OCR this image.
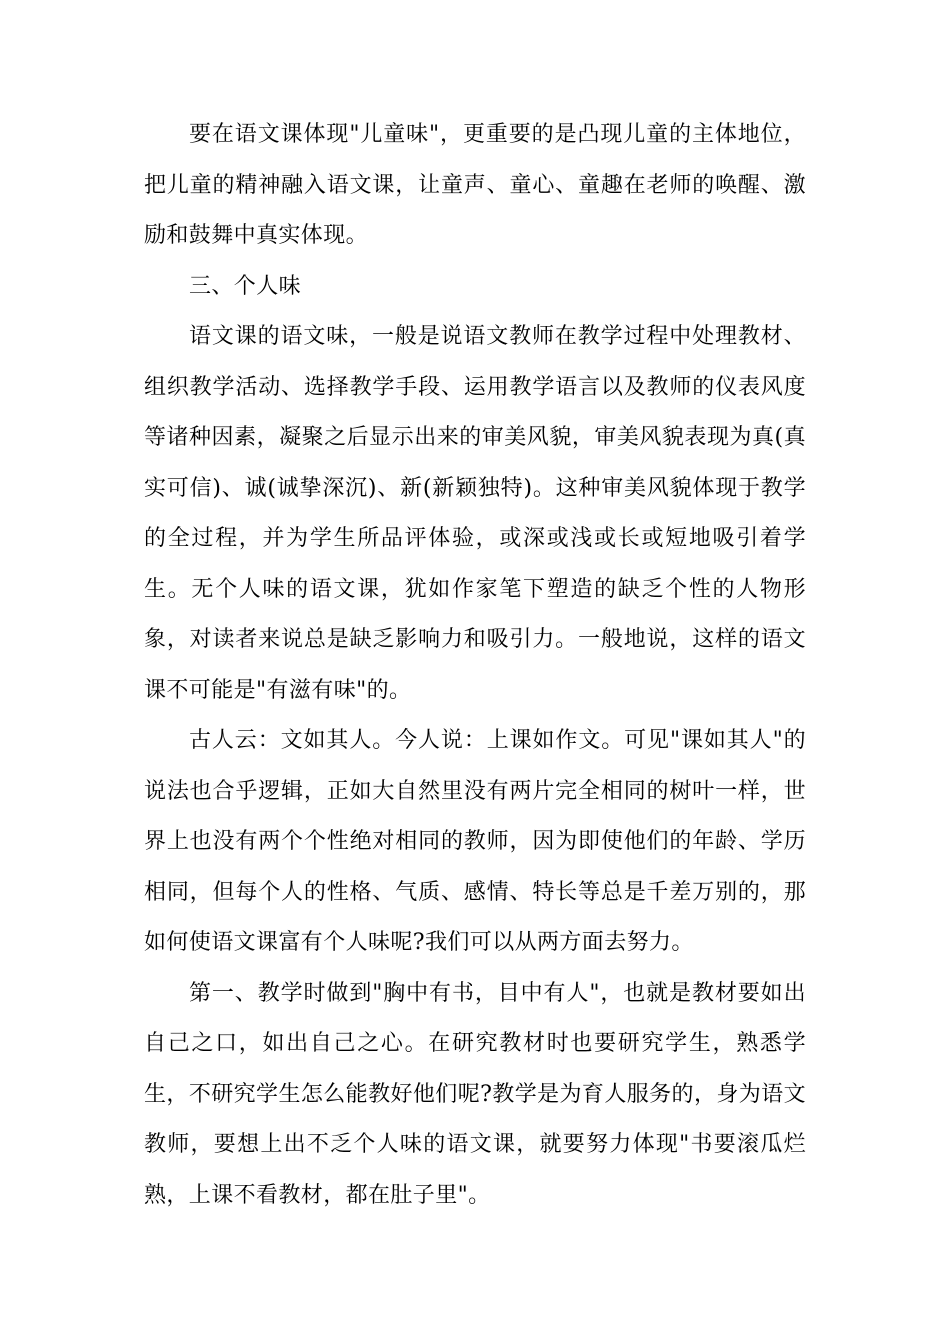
要在语文课体现"儿童味"，更重要的是凸现儿童的主体地位，把儿童的精神融入语文课，让童声、童心、童趣在老师的唤醒、激励和鼓舞中真实体现。

三、个人味

语文课的语文味，一般是说语文教师在教学过程中处理教材、组织教学活动、选择教学手段、运用教学语言以及教师的仪表风度等诸种因素，凝聚之后显示出来的审美风貌，审美风貌表现为真(真实可信)、诚(诚挚深沉)、新(新颖独特)。这种审美风貌体现于教学的全过程，并为学生所品评体验，或深或浅或长或短地吸引着学生。无个人味的语文课，犹如作家笔下塑造的缺乏个性的人物形象，对读者来说总是缺乏影响力和吸引力。一般地说，这样的语文课不可能是"有滋有味"的。

古人云：文如其人。今人说：上课如作文。可见"课如其人"的说法也合乎逻辑，正如大自然里没有两片完全相同的树叶一样，世界上也没有两个个性绝对相同的教师，因为即使他们的年龄、学历相同，但每个人的性格、气质、感情、特长等总是千差万别的，那如何使语文课富有个人味呢?我们可以从两方面去努力。

第一、教学时做到"胸中有书，目中有人"，也就是教材要如出自己之口，如出自己之心。在研究教材时也要研究学生，熟悉学生，不研究学生怎么能教好他们呢?教学是为育人服务的，身为语文教师，要想上出不乏个人味的语文课，就要努力体现"书要滚瓜烂熟，上课不看教材，都在肚子里"。
